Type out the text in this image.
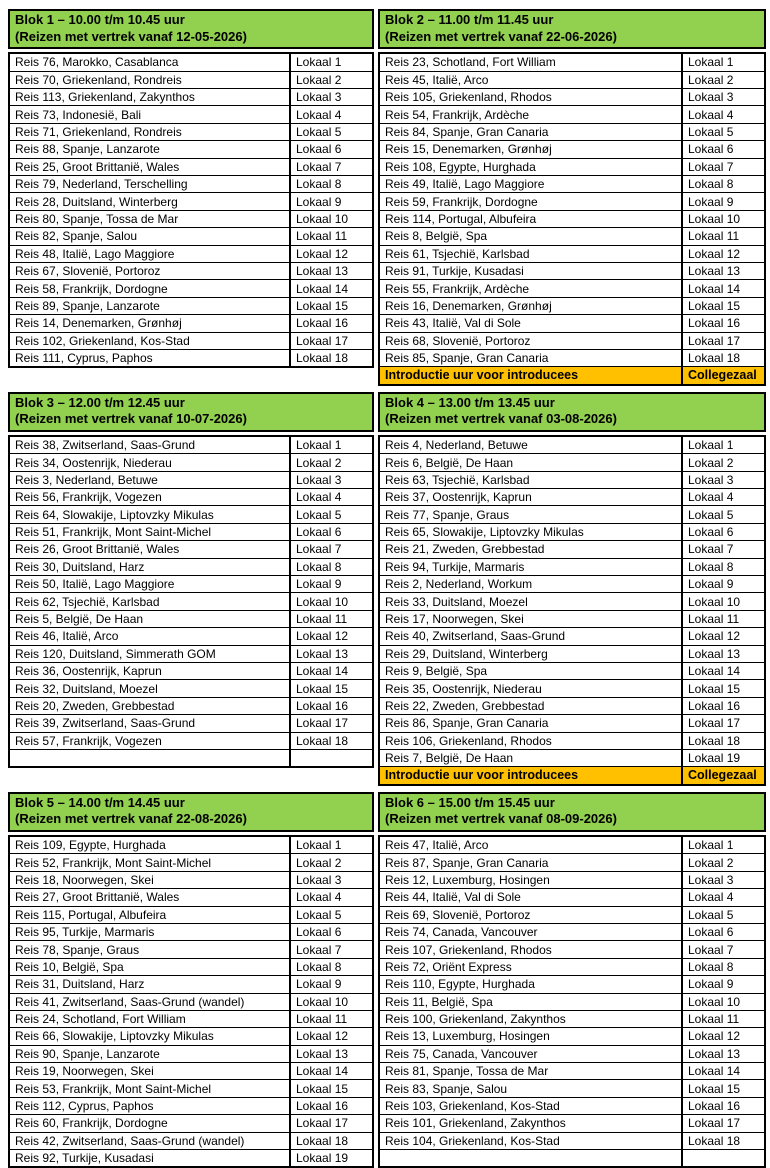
Blok 1 – 10.00 t/m 10.45 uur
(Reizen met vertrek vanaf 12-05-2026)
Reis 76, Marokko, Casablanca	Lokaal 1
Reis 70, Griekenland, Rondreis	Lokaal 2
Reis 113, Griekenland, Zakynthos	Lokaal 3
Reis 73, Indonesië, Bali	Lokaal 4
Reis 71, Griekenland, Rondreis	Lokaal 5
Reis 88, Spanje, Lanzarote	Lokaal 6
Reis 25, Groot Brittanië, Wales	Lokaal 7
Reis 79, Nederland, Terschelling	Lokaal 8
Reis 28, Duitsland, Winterberg	Lokaal 9
Reis 80, Spanje, Tossa de Mar	Lokaal 10
Reis 82, Spanje, Salou	Lokaal 11
Reis 48, Italië, Lago Maggiore	Lokaal 12
Reis 67, Slovenië, Portoroz	Lokaal 13
Reis 58, Frankrijk, Dordogne	Lokaal 14
Reis 89, Spanje, Lanzarote	Lokaal 15
Reis 14, Denemarken, Grønhøj	Lokaal 16
Reis 102, Griekenland, Kos-Stad	Lokaal 17
Reis 111, Cyprus, Paphos	Lokaal 18
Blok 2 – 11.00 t/m 11.45 uur
(Reizen met vertrek vanaf 22-06-2026)
Reis 23, Schotland, Fort William	Lokaal 1
Reis 45, Italië, Arco	Lokaal 2
Reis 105, Griekenland, Rhodos	Lokaal 3
Reis 54, Frankrijk, Ardèche	Lokaal 4
Reis 84, Spanje, Gran Canaria	Lokaal 5
Reis 15, Denemarken, Grønhøj	Lokaal 6
Reis 108, Egypte, Hurghada	Lokaal 7
Reis 49, Italië, Lago Maggiore	Lokaal 8
Reis 59, Frankrijk, Dordogne	Lokaal 9
Reis 114, Portugal, Albufeira	Lokaal 10
Reis 8, België, Spa	Lokaal 11
Reis 61, Tsjechië, Karlsbad	Lokaal 12
Reis 91, Turkije, Kusadasi	Lokaal 13
Reis 55, Frankrijk, Ardèche	Lokaal 14
Reis 16, Denemarken, Grønhøj	Lokaal 15
Reis 43, Italië, Val di Sole	Lokaal 16
Reis 68, Slovenië, Portoroz	Lokaal 17
Reis 85, Spanje, Gran Canaria	Lokaal 18
Introductie uur voor introducees	Collegezaal
Blok 3 – 12.00 t/m 12.45 uur
(Reizen met vertrek vanaf 10-07-2026)
Reis 38, Zwitserland, Saas-Grund	Lokaal 1
Reis 34, Oostenrijk, Niederau	Lokaal 2
Reis 3, Nederland, Betuwe	Lokaal 3
Reis 56, Frankrijk, Vogezen	Lokaal 4
Reis 64, Slowakije, Liptovzky Mikulas	Lokaal 5
Reis 51, Frankrijk, Mont Saint-Michel	Lokaal 6
Reis 26, Groot Brittanië, Wales	Lokaal 7
Reis 30, Duitsland, Harz	Lokaal 8
Reis 50, Italië, Lago Maggiore	Lokaal 9
Reis 62, Tsjechië, Karlsbad	Lokaal 10
Reis 5, België, De Haan	Lokaal 11
Reis 46, Italië, Arco	Lokaal 12
Reis 120, Duitsland, Simmerath GOM	Lokaal 13
Reis 36, Oostenrijk, Kaprun	Lokaal 14
Reis 32, Duitsland, Moezel	Lokaal 15
Reis 20, Zweden, Grebbestad	Lokaal 16
Reis 39, Zwitserland, Saas-Grund	Lokaal 17
Reis 57, Frankrijk, Vogezen	Lokaal 18

Blok 4 – 13.00 t/m 13.45 uur
(Reizen met vertrek vanaf 03-08-2026)
Reis 4, Nederland, Betuwe	Lokaal 1
Reis 6, België, De Haan	Lokaal 2
Reis 63, Tsjechië, Karlsbad	Lokaal 3
Reis 37, Oostenrijk, Kaprun	Lokaal 4
Reis 77, Spanje, Graus	Lokaal 5
Reis 65, Slowakije, Liptovzky Mikulas	Lokaal 6
Reis 21, Zweden, Grebbestad	Lokaal 7
Reis 94, Turkije, Marmaris	Lokaal 8
Reis 2, Nederland, Workum	Lokaal 9
Reis 33, Duitsland, Moezel	Lokaal 10
Reis 17, Noorwegen, Skei	Lokaal 11
Reis 40, Zwitserland, Saas-Grund	Lokaal 12
Reis 29, Duitsland, Winterberg	Lokaal 13
Reis 9, België, Spa	Lokaal 14
Reis 35, Oostenrijk, Niederau	Lokaal 15
Reis 22, Zweden, Grebbestad	Lokaal 16
Reis 86, Spanje, Gran Canaria	Lokaal 17
Reis 106, Griekenland, Rhodos	Lokaal 18
Reis 7, België, De Haan	Lokaal 19
Introductie uur voor introducees	Collegezaal
Blok 5 – 14.00 t/m 14.45 uur
(Reizen met vertrek vanaf 22-08-2026)
Reis 109, Egypte, Hurghada	Lokaal 1
Reis 52, Frankrijk, Mont Saint-Michel	Lokaal 2
Reis 18, Noorwegen, Skei	Lokaal 3
Reis 27, Groot Brittanië, Wales	Lokaal 4
Reis 115, Portugal, Albufeira	Lokaal 5
Reis 95, Turkije, Marmaris	Lokaal 6
Reis 78, Spanje, Graus	Lokaal 7
Reis 10, België, Spa	Lokaal 8
Reis 31, Duitsland, Harz	Lokaal 9
Reis 41, Zwitserland, Saas-Grund (wandel)	Lokaal 10
Reis 24, Schotland, Fort William	Lokaal 11
Reis 66, Slowakije, Liptovzky Mikulas	Lokaal 12
Reis 90, Spanje, Lanzarote	Lokaal 13
Reis 19, Noorwegen, Skei	Lokaal 14
Reis 53, Frankrijk, Mont Saint-Michel	Lokaal 15
Reis 112, Cyprus, Paphos	Lokaal 16
Reis 60, Frankrijk, Dordogne	Lokaal 17
Reis 42, Zwitserland, Saas-Grund (wandel)	Lokaal 18
Reis 92, Turkije, Kusadasi	Lokaal 19
Blok 6 – 15.00 t/m 15.45 uur
(Reizen met vertrek vanaf 08-09-2026)
Reis 47, Italië, Arco	Lokaal 1
Reis 87, Spanje, Gran Canaria	Lokaal 2
Reis 12, Luxemburg, Hosingen	Lokaal 3
Reis 44, Italië, Val di Sole	Lokaal 4
Reis 69, Slovenië, Portoroz	Lokaal 5
Reis 74, Canada, Vancouver	Lokaal 6
Reis 107, Griekenland, Rhodos	Lokaal 7
Reis 72, Oriënt Express	Lokaal 8
Reis 110, Egypte, Hurghada	Lokaal 9
Reis 11, België, Spa	Lokaal 10
Reis 100, Griekenland, Zakynthos	Lokaal 11
Reis 13, Luxemburg, Hosingen	Lokaal 12
Reis 75, Canada, Vancouver	Lokaal 13
Reis 81, Spanje, Tossa de Mar	Lokaal 14
Reis 83, Spanje, Salou	Lokaal 15
Reis 103, Griekenland, Kos-Stad	Lokaal 16
Reis 101, Griekenland, Zakynthos	Lokaal 17
Reis 104, Griekenland, Kos-Stad	Lokaal 18
